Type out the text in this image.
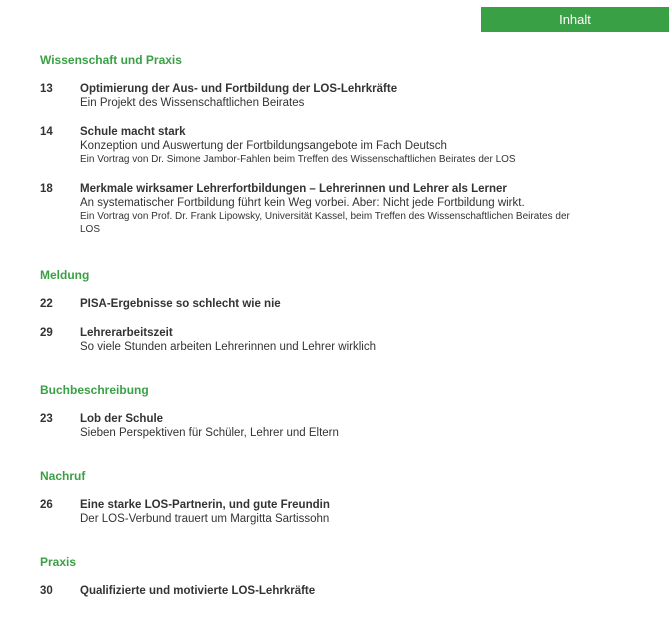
Inhalt
Wissenschaft und Praxis
13 Optimierung der Aus- und Fortbildung der LOS-Lehrkräfte
Ein Projekt des Wissenschaftlichen Beirates
14 Schule macht stark
Konzeption und Auswertung der Fortbildungsangebote im Fach Deutsch
Ein Vortrag von Dr. Simone Jambor-Fahlen beim Treffen des Wissenschaftlichen Beirates der LOS
18 Merkmale wirksamer Lehrerfortbildungen – Lehrerinnen und Lehrer als Lerner
An systematischer Fortbildung führt kein Weg vorbei. Aber: Nicht jede Fortbildung wirkt.
Ein Vortrag von Prof. Dr. Frank Lipowsky, Universität Kassel, beim Treffen des Wissenschaftlichen Beirates der LOS
Meldung
22 PISA-Ergebnisse so schlecht wie nie
29 Lehrerarbeitszeit
So viele Stunden arbeiten Lehrerinnen und Lehrer wirklich
Buchbeschreibung
23 Lob der Schule
Sieben Perspektiven für Schüler, Lehrer und Eltern
Nachruf
26 Eine starke LOS-Partnerin, und gute Freundin
Der LOS-Verbund trauert um Margitta Sartissohn
Praxis
30 Qualifizierte und motivierte LOS-Lehrkräfte
